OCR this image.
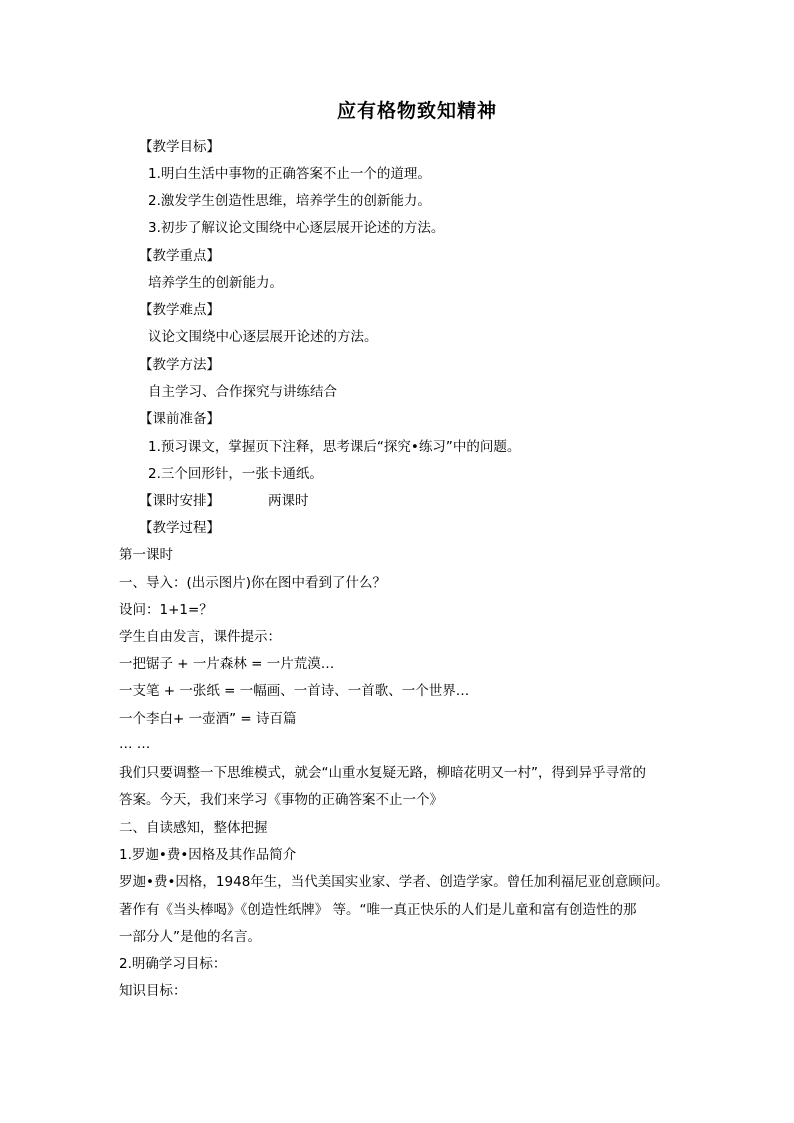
应有格物致知精神
【教学目标】
1.明白生活中事物的正确答案不止一个的道理。
2.激发学生创造性思维，培养学生的创新能力。
3.初步了解议论文围绕中心逐层展开论述的方法。
【教学重点】
培养学生的创新能力。
【教学难点】
议论文围绕中心逐层展开论述的方法。
【教学方法】
自主学习、合作探究与讲练结合
【课前准备】
1.预习课文，掌握页下注释，思考课后“探究•练习”中的问题。
2.三个回形针，一张卡通纸。
【课时安排】	两课时
【教学过程】
第一课时
一、导入：(出示图片)你在图中看到了什么？
设问：1+1=？
学生自由发言，课件提示：
一把锯子 + 一片森林 = 一片荒漠…
一支笔 + 一张纸 = 一幅画、一首诗、一首歌、一个世界…
一个李白+ 一壶酒” = 诗百篇
… …
我们只要调整一下思维模式，就会“山重水复疑无路，柳暗花明又一村”，得到异乎寻常的
答案。今天，我们来学习《事物的正确答案不止一个》
二、自读感知，整体把握
1.罗迦•费•因格及其作品简介
罗迦•费•因格，1948年生，当代美国实业家、学者、创造学家。曾任加利福尼亚创意顾问。
著作有《当头棒喝》《创造性纸牌》 等。“唯一真正快乐的人们是儿童和富有创造性的那
一部分人”是他的名言。
2.明确学习目标：
知识目标：
